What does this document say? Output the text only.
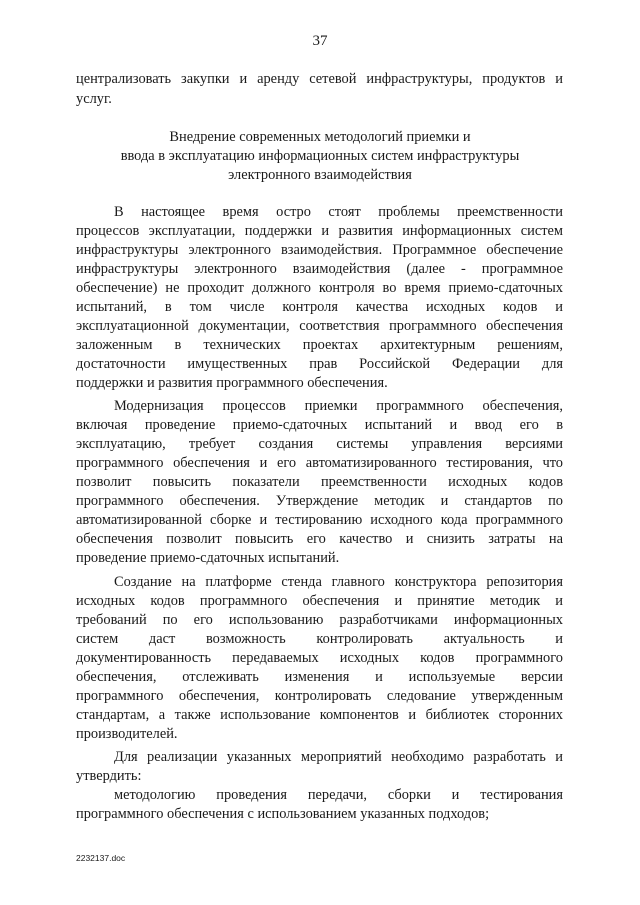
37
централизовать закупки и аренду сетевой инфраструктуры, продуктов и
услуг.
Внедрение современных методологий приемки и
ввода в эксплуатацию информационных систем инфраструктуры
электронного взаимодействия
В настоящее время остро стоят проблемы преемственности
процессов эксплуатации, поддержки и развития информационных систем
инфраструктуры электронного взаимодействия. Программное обеспечение
инфраструктуры электронного взаимодействия (далее - программное
обеспечение) не проходит должного контроля во время приемо-сдаточных
испытаний, в том числе контроля качества исходных кодов и
эксплуатационной документации, соответствия программного обеспечения
заложенным в технических проектах архитектурным решениям,
достаточности имущественных прав Российской Федерации для
поддержки и развития программного обеспечения.
Модернизация процессов приемки программного обеспечения,
включая проведение приемо-сдаточных испытаний и ввод его в
эксплуатацию, требует создания системы управления версиями
программного обеспечения и его автоматизированного тестирования, что
позволит повысить показатели преемственности исходных кодов
программного обеспечения. Утверждение методик и стандартов по
автоматизированной сборке и тестированию исходного кода программного
обеспечения позволит повысить его качество и снизить затраты на
проведение приемо-сдаточных испытаний.
Создание на платформе стенда главного конструктора репозитория
исходных кодов программного обеспечения и принятие методик и
требований по его использованию разработчиками информационных
систем даст возможность контролировать актуальность и
документированность передаваемых исходных кодов программного
обеспечения, отслеживать изменения и используемые версии
программного обеспечения, контролировать следование утвержденным
стандартам, а также использование компонентов и библиотек сторонних
производителей.
Для реализации указанных мероприятий необходимо разработать и
утвердить:
методологию проведения передачи, сборки и тестирования
программного обеспечения с использованием указанных подходов;
2232137.doc
